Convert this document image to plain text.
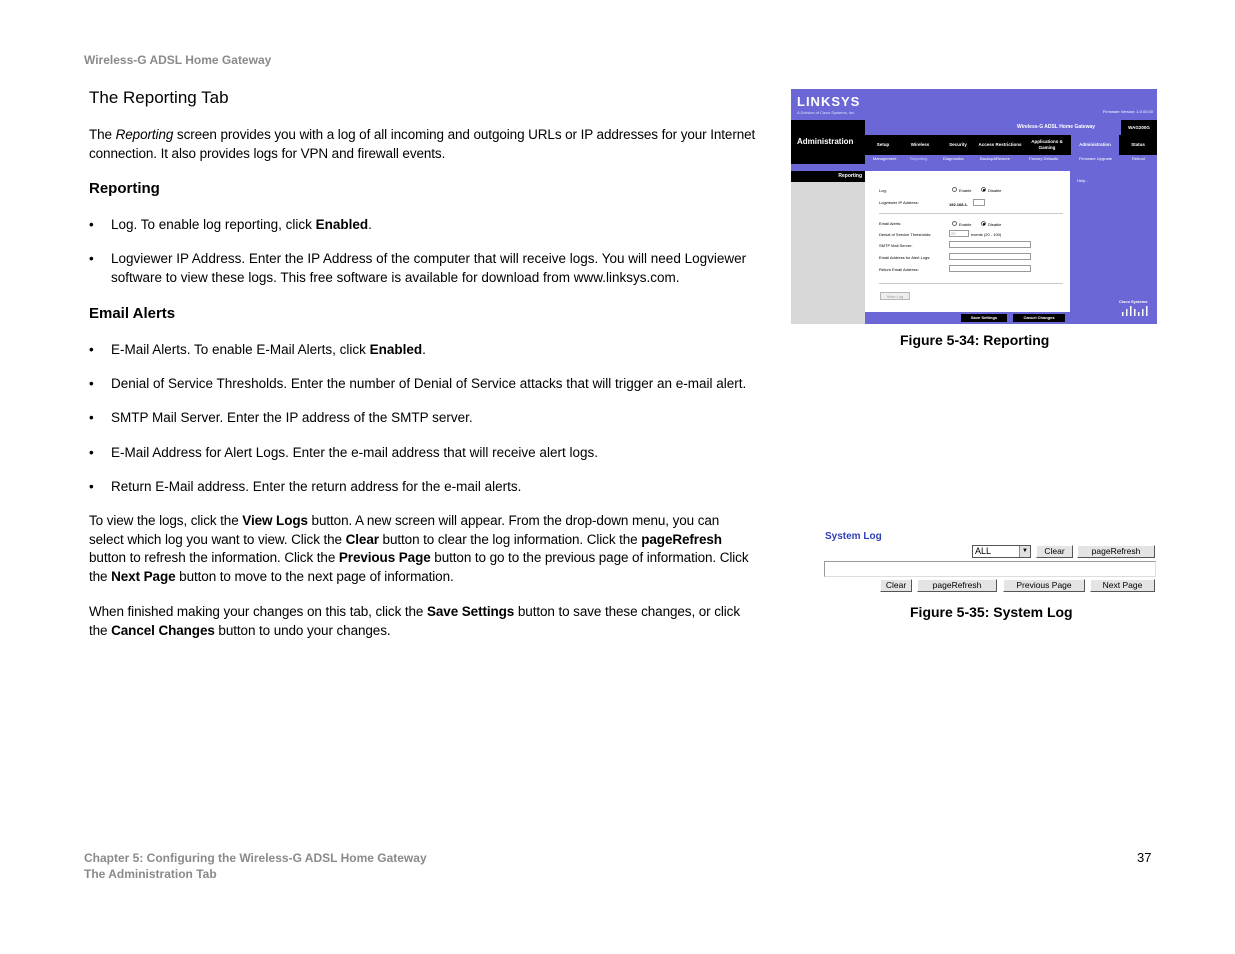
Wireless-G ADSL Home Gateway
The Reporting Tab
The Reporting screen provides you with a log of all incoming and outgoing URLs or IP addresses for your Internet
connection. It also provides logs for VPN and firewall events.
Reporting
• Log. To enable log reporting, click Enabled.
• Logviewer IP Address. Enter the IP Address of the computer that will receive logs. You will need Logviewer
software to view these logs. This free software is available for download from www.linksys.com.
Email Alerts
• E-Mail Alerts. To enable E-Mail Alerts, click Enabled.
• Denial of Service Thresholds. Enter the number of Denial of Service attacks that will trigger an e-mail alert.
• SMTP Mail Server. Enter the IP address of the SMTP server.
• E-Mail Address for Alert Logs. Enter the e-mail address that will receive alert logs.
• Return E-Mail address. Enter the return address for the e-mail alerts.
To view the logs, click the View Logs button. A new screen will appear. From the drop-down menu, you can
select which log you want to view. Click the Clear button to clear the log information. Click the pageRefresh
button to refresh the information. Click the Previous Page button to go to the previous page of information. Click
the Next Page button to move to the next page of information.
When finished making your changes on this tab, click the Save Settings button to save these changes, or click
the Cancel Changes button to undo your changes.
LINKSYS
A Division of Cisco Systems, Inc.	Firmware Version: 1.0.00.00
Administration
Wireless-G ADSL Home Gateway	WAG200G
Setup	Wireless	Security	Access Restrictions
Applications & Gaming
Administration	Status
Management	Reporting	Diagnostics	Backup&Restore	Factory Defaults	Firmware Upgrade	Reboot
Reporting
Log:	Enable	Disable
Logviewer IP Address:	192.168.1.
Email Alerts:	Enable	Disable
Denial of Service Thresholds:	20	events (20 - 100)
SMTP Mail Server:
Email Address for Alert Logs:
Return Email Address:
View Log
Help...
Cisco Systems
Save Settings	Cancel Changes
Figure 5-34: Reporting
System Log
ALL	▼	Clear	pageRefresh
Clear	pageRefresh	Previous Page	Next Page
Figure 5-35: System Log
Chapter 5: Configuring the Wireless-G ADSL Home Gateway
The Administration Tab
37
